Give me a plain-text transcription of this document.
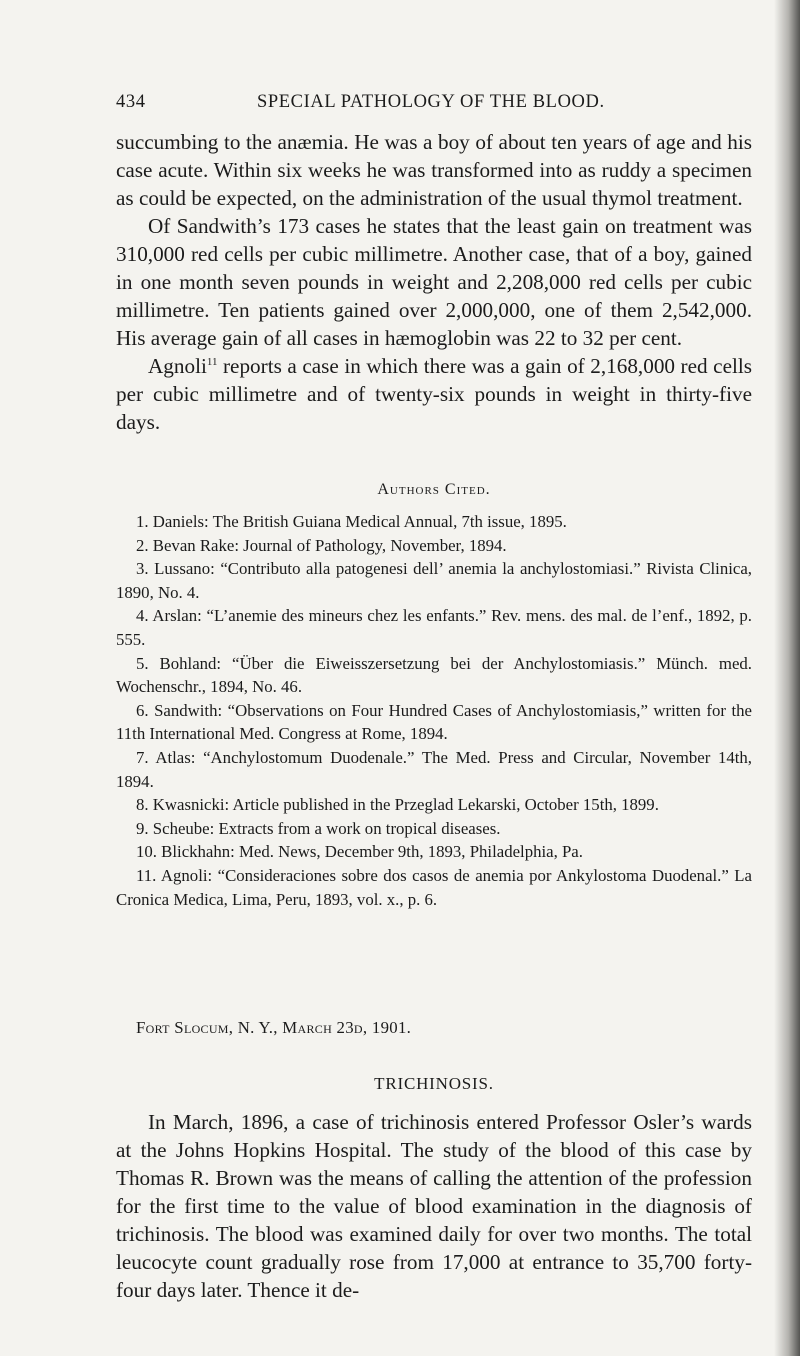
434	SPECIAL PATHOLOGY OF THE BLOOD.

succumbing to the anæmia. He was a boy of about ten years of age and his case acute. Within six weeks he was transformed into as ruddy a specimen as could be expected, on the administration of the usual thymol treatment.

Of Sandwith’s 173 cases he states that the least gain on treatment was 310,000 red cells per cubic millimetre. Another case, that of a boy, gained in one month seven pounds in weight and 2,208,000 red cells per cubic millimetre. Ten patients gained over 2,000,000, one of them 2,542,000. His average gain of all cases in hæmoglobin was 22 to 32 per cent.

Agnoli$^{11}$ reports a case in which there was a gain of 2,168,000 red cells per cubic millimetre and of twenty-six pounds in weight in thirty-five days.

Authors Cited.

1. Daniels: The British Guiana Medical Annual, 7th issue, 1895.

2. Bevan Rake: Journal of Pathology, November, 1894.

3. Lussano: “Contributo alla patogenesi dell’ anemia la anchylostomiasi.” Rivista Clinica, 1890, No. 4.

4. Arslan: “L’anemie des mineurs chez les enfants.” Rev. mens. des mal. de l’enf., 1892, p. 555.

5. Bohland: “Über die Eiweisszersetzung bei der Anchylostomiasis.” Münch. med. Wochenschr., 1894, No. 46.

6. Sandwith: “Observations on Four Hundred Cases of Anchylostomiasis,” written for the 11th International Med. Congress at Rome, 1894.

7. Atlas: “Anchylostomum Duodenale.” The Med. Press and Circular, November 14th, 1894.

8. Kwasnicki: Article published in the Przeglad Lekarski, October 15th, 1899.

9. Scheube: Extracts from a work on tropical diseases.

10. Blickhahn: Med. News, December 9th, 1893, Philadelphia, Pa.

11. Agnoli: “Consideraciones sobre dos casos de anemia por Ankylostoma Duodenal.” La Cronica Medica, Lima, Peru, 1893, vol. x., p. 6.

Fort Slocum, N. Y., March 23d, 1901.
TRICHINOSIS.

In March, 1896, a case of trichinosis entered Professor Osler’s wards at the Johns Hopkins Hospital. The study of the blood of this case by Thomas R. Brown was the means of calling the attention of the profession for the first time to the value of blood examination in the diagnosis of trichinosis. The blood was examined daily for over two months. The total leucocyte count gradually rose from 17,000 at entrance to 35,700 forty-four days later. Thence it de-
